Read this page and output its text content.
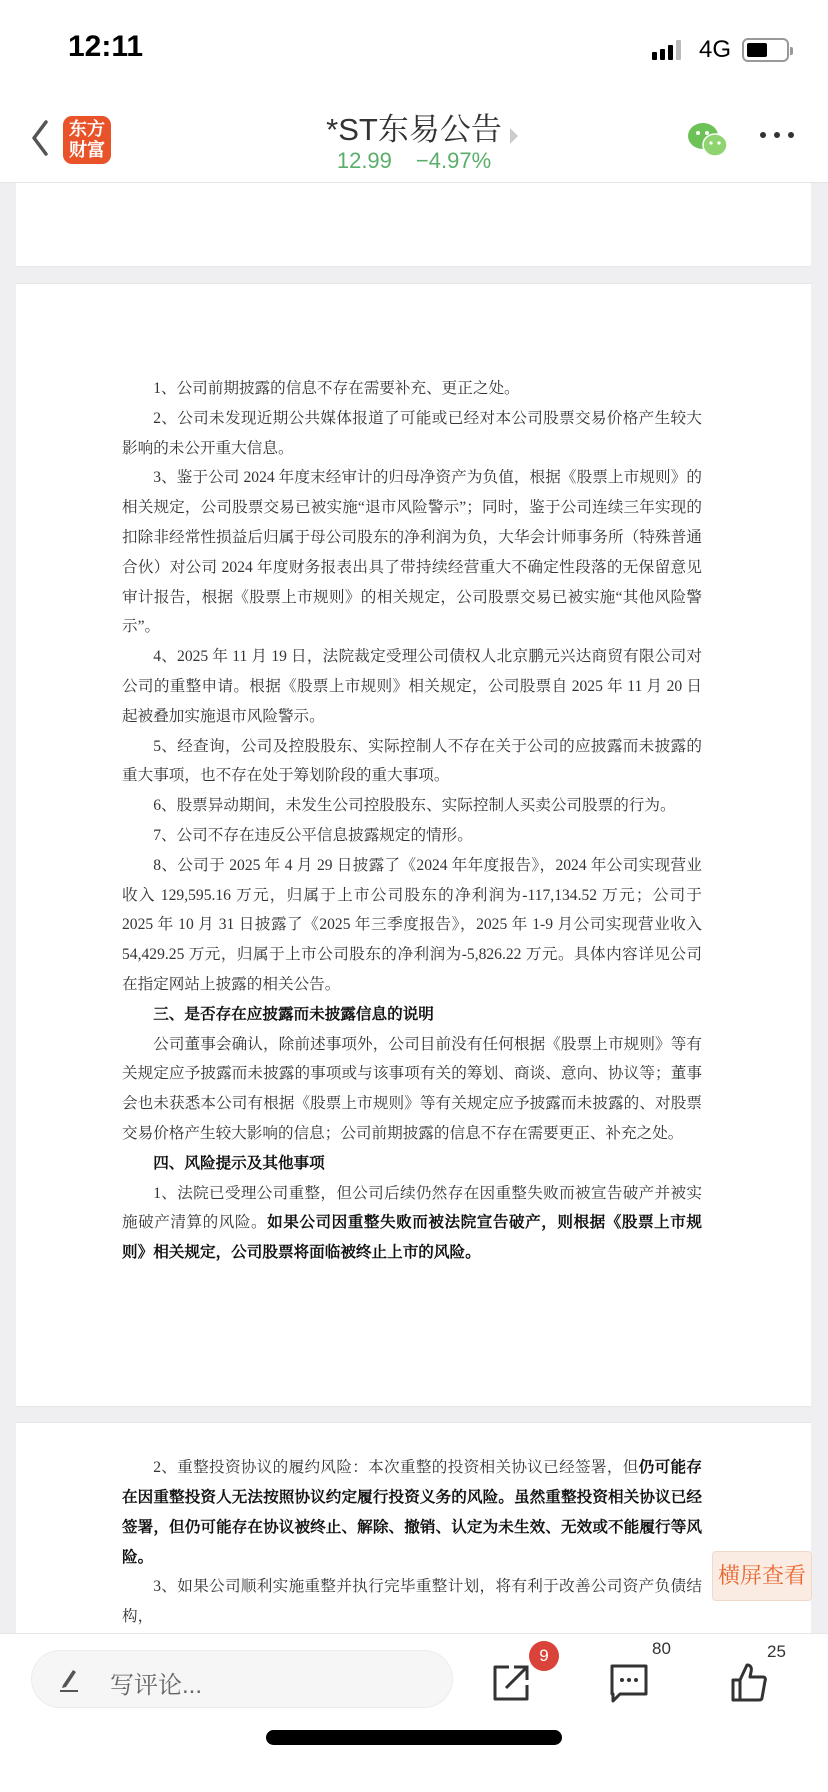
12:11	4G
东方
财富
*ST东易公告
12.99 −4.97%

1、公司前期披露的信息不存在需要补充、更正之处。

2、公司未发现近期公共媒体报道了可能或已经对本公司股票交易价格产生较大影响的未公开重大信息。

3、鉴于公司 2024 年度末经审计的归母净资产为负值，根据《股票上市规则》的相关规定，公司股票交易已被实施“退市风险警示”；同时，鉴于公司连续三年实现的扣除非经常性损益后归属于母公司股东的净利润为负，大华会计师事务所（特殊普通合伙）对公司 2024 年度财务报表出具了带持续经营重大不确定性段落的无保留意见审计报告，根据《股票上市规则》的相关规定，公司股票交易已被实施“其他风险警示”。

4、2025 年 11 月 19 日，法院裁定受理公司债权人北京鹏元兴达商贸有限公司对公司的重整申请。根据《股票上市规则》相关规定，公司股票自 2025 年 11 月 20 日起被叠加实施退市风险警示。

5、经查询，公司及控股股东、实际控制人不存在关于公司的应披露而未披露的重大事项，也不存在处于筹划阶段的重大事项。

6、股票异动期间，未发生公司控股股东、实际控制人买卖公司股票的行为。

7、公司不存在违反公平信息披露规定的情形。

8、公司于 2025 年 4 月 29 日披露了《2024 年年度报告》，2024 年公司实现营业收入 129,595.16 万元，归属于上市公司股东的净利润为-117,134.52 万元；公司于 2025 年 10 月 31 日披露了《2025 年三季度报告》，2025 年 1-9 月公司实现营业收入 54,429.25 万元，归属于上市公司股东的净利润为-5,826.22 万元。具体内容详见公司在指定网站上披露的相关公告。

三、是否存在应披露而未披露信息的说明

公司董事会确认，除前述事项外，公司目前没有任何根据《股票上市规则》等有关规定应予披露而未披露的事项或与该事项有关的筹划、商谈、意向、协议等；董事会也未获悉本公司有根据《股票上市规则》等有关规定应予披露而未披露的、对股票交易价格产生较大影响的信息；公司前期披露的信息不存在需要更正、补充之处。

四、风险提示及其他事项

1、法院已受理公司重整，但公司后续仍然存在因重整失败而被宣告破产并被实施破产清算的风险。如果公司因重整失败而被法院宣告破产，则根据《股票上市规则》相关规定，公司股票将面临被终止上市的风险。

2、重整投资协议的履约风险：本次重整的投资相关协议已经签署，但仍可能存在因重整投资人无法按照协议约定履行投资义务的风险。虽然重整投资相关协议已经签署，但仍可能存在协议被终止、解除、撤销、认定为未生效、无效或不能履行等风险。

3、如果公司顺利实施重整并执行完毕重整计划，将有利于改善公司资产负债结构，

横屏查看
写评论...
9	80	25
